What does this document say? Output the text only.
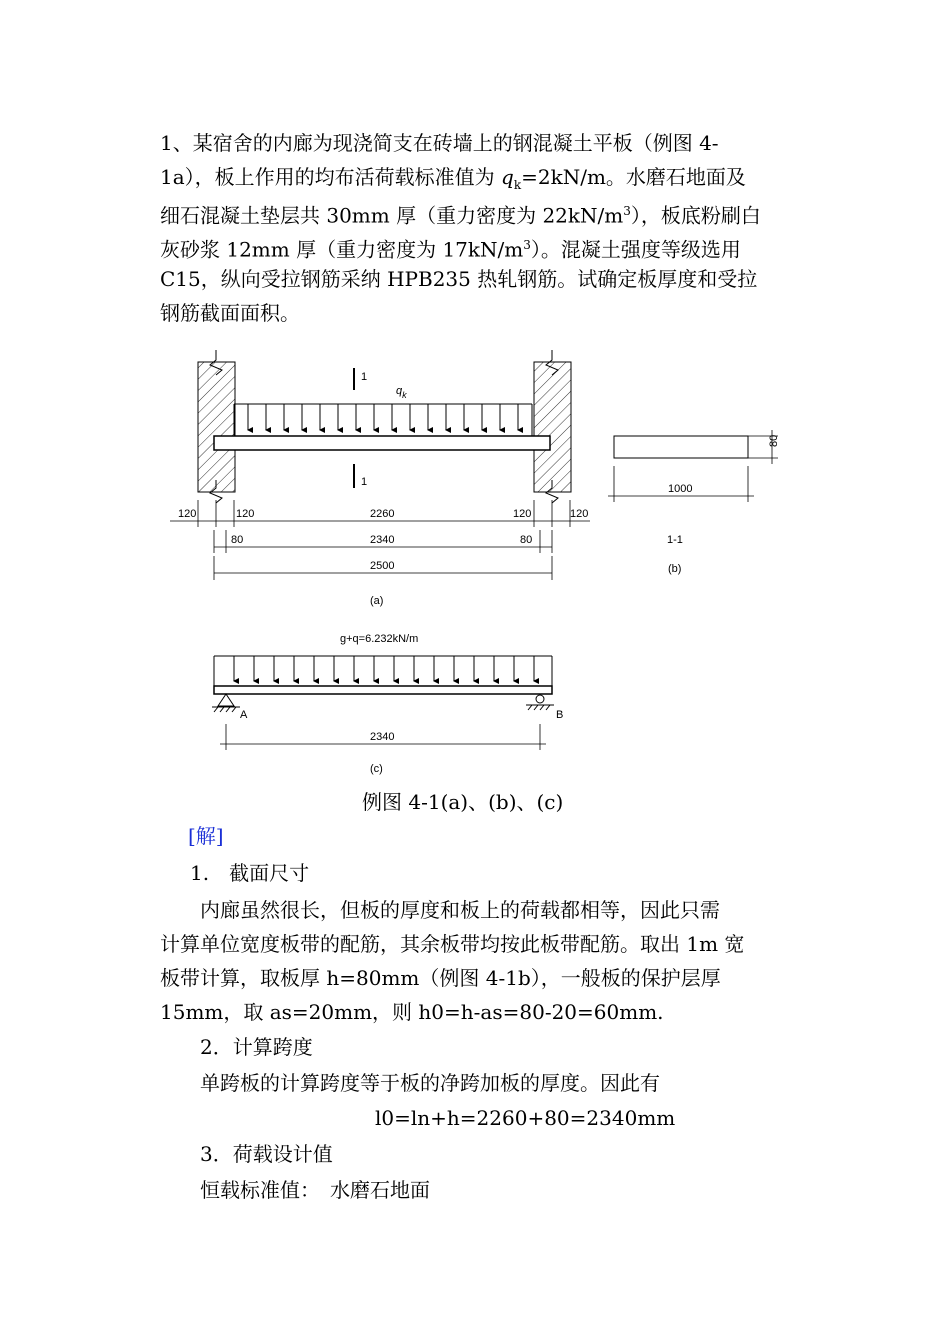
1、某宿舍的内廊为现浇简支在砖墙上的钢混凝土平板（例图 4-
1a），板上作用的均布活荷载标准值为 $q_k=2kN/m$。水磨石地面及
细石混凝土垫层共 30mm 厚（重力密度为 $22kN/m^3$），板底粉刷白
灰砂浆 12mm 厚（重力密度为 $17kN/m^3$）。混凝土强度等级选用
C15，纵向受拉钢筋采纳 HPB235 热轧钢筋。试确定板厚度和受拉
钢筋截面面积。
$q_k$
1
1
120	120	2260	120	120
80	2340	80
2500
(a)
80
1000
1-1
(b)
g+q=6.232kN/m
A	B
2340
(c)
例图 4-1(a)、(b)、(c)
[解]
1.　截面尺寸
内廊虽然很长，但板的厚度和板上的荷载都相等，因此只需
计算单位宽度板带的配筋，其余板带均按此板带配筋。取出 1m 宽
板带计算，取板厚 h=80mm（例图 4-1b），一般板的保护层厚
15mm，取 as=20mm，则 h0=h-as=80-20=60mm.
2．计算跨度
单跨板的计算跨度等于板的净跨加板的厚度。因此有
l0=ln+h=2260+80=2340mm
3．荷载设计值
恒载标准值：　水磨石地面
